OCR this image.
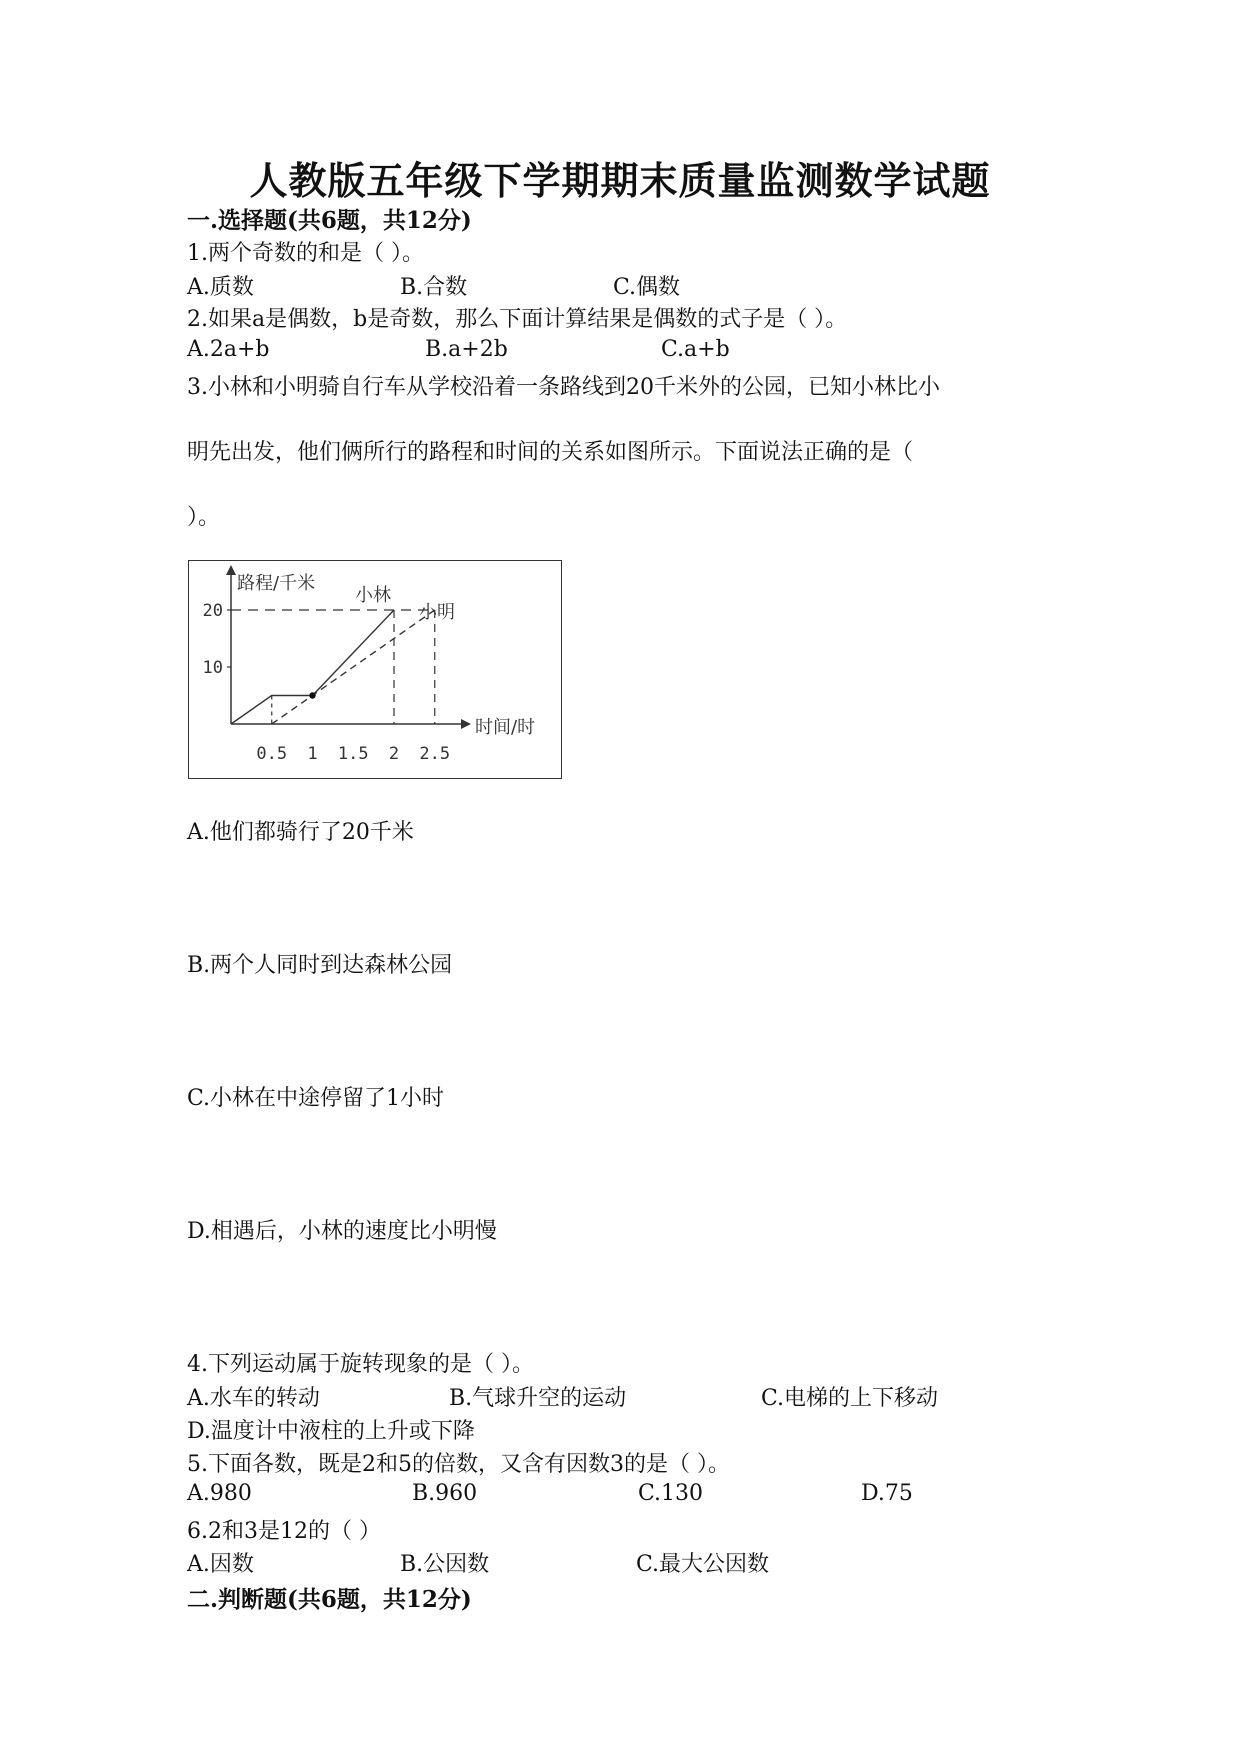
人教版五年级下学期期末质量监测数学试题
一.选择题(共6题，共12分)
1.两个奇数的和是（ ）。
A.质数	B.合数	C.偶数
2.如果a是偶数，b是奇数，那么下面计算结果是偶数的式子是（ ）。
A.2a+b	B.a+2b	C.a+b
3.小林和小明骑自行车从学校沿着一条路线到20千米外的公园，已知小林比小
明先出发，他们俩所行的路程和时间的关系如图所示。下面说法正确的是（
）。
路程/千米
时间/时
10
20
0.5 1 1.5 2 2.5
小林
小明
A.他们都骑行了20千米
B.两个人同时到达森林公园
C.小林在中途停留了1小时
D.相遇后，小林的速度比小明慢
4.下列运动属于旋转现象的是（ ）。
A.水车的转动	B.气球升空的运动	C.电梯的上下移动
D.温度计中液柱的上升或下降
5.下面各数，既是2和5的倍数，又含有因数3的是（ ）。
A.980	B.960	C.130	D.75
6.2和3是12的（ ）
A.因数	B.公因数	C.最大公因数
二.判断题(共6题，共12分)
